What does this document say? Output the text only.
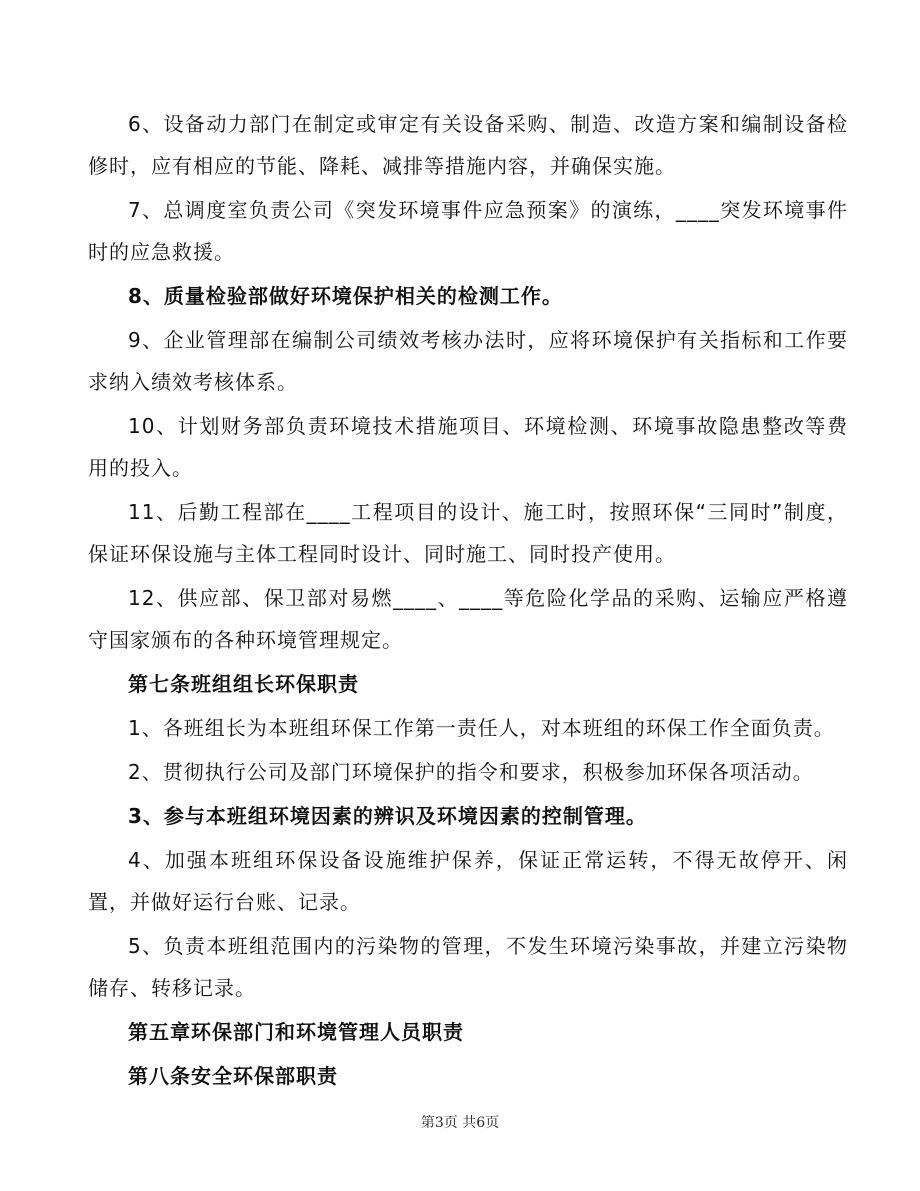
6、设备动力部门在制定或审定有关设备采购、制造、改造方案和编制设备检修时，应有相应的节能、降耗、减排等措施内容，并确保实施。

7、总调度室负责公司《突发环境事件应急预案》的演练，____突发环境事件时的应急救援。

8、质量检验部做好环境保护相关的检测工作。

9、企业管理部在编制公司绩效考核办法时，应将环境保护有关指标和工作要求纳入绩效考核体系。

10、计划财务部负责环境技术措施项目、环境检测、环境事故隐患整改等费用的投入。

11、后勤工程部在____工程项目的设计、施工时，按照环保“三同时”制度，保证环保设施与主体工程同时设计、同时施工、同时投产使用。

12、供应部、保卫部对易燃____、____等危险化学品的采购、运输应严格遵守国家颁布的各种环境管理规定。

第七条班组组长环保职责

1、各班组长为本班组环保工作第一责任人，对本班组的环保工作全面负责。

2、贯彻执行公司及部门环境保护的指令和要求，积极参加环保各项活动。

3、参与本班组环境因素的辨识及环境因素的控制管理。

4、加强本班组环保设备设施维护保养，保证正常运转，不得无故停开、闲置，并做好运行台账、记录。

5、负责本班组范围内的污染物的管理，不发生环境污染事故，并建立污染物储存、转移记录。

第五章环保部门和环境管理人员职责

第八条安全环保部职责

第3页 共6页
